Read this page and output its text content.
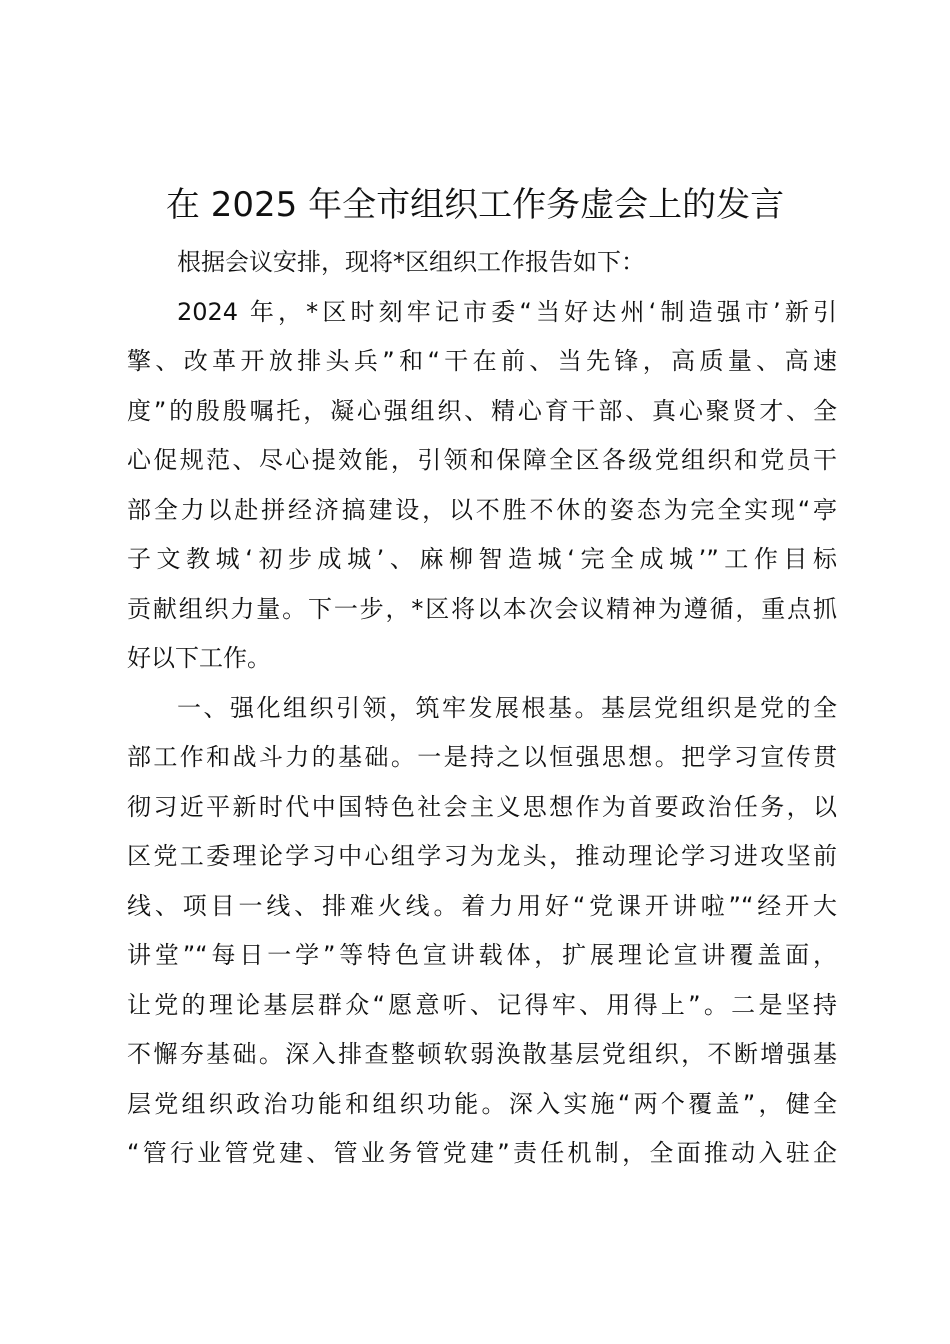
在 2025 年全市组织工作务虚会上的发言
根据会议安排，现将*区组织工作报告如下：
2024 年，*区时刻牢记市委“当好达州‘制造强市’新引
擎、改革开放排头兵”和“干在前、当先锋，高质量、高速
度”的殷殷嘱托，凝心强组织、精心育干部、真心聚贤才、全
心促规范、尽心提效能，引领和保障全区各级党组织和党员干
部全力以赴拼经济搞建设，以不胜不休的姿态为完全实现“亭
子文教城‘初步成城’、麻柳智造城‘完全成城’”工作目标
贡献组织力量。下一步，*区将以本次会议精神为遵循，重点抓
好以下工作。
一、强化组织引领，筑牢发展根基。基层党组织是党的全
部工作和战斗力的基础。一是持之以恒强思想。把学习宣传贯
彻习近平新时代中国特色社会主义思想作为首要政治任务，以
区党工委理论学习中心组学习为龙头，推动理论学习进攻坚前
线、项目一线、排难火线。着力用好“党课开讲啦”“经开大
讲堂”“每日一学”等特色宣讲载体，扩展理论宣讲覆盖面，
让党的理论基层群众“愿意听、记得牢、用得上”。二是坚持
不懈夯基础。深入排查整顿软弱涣散基层党组织，不断增强基
层党组织政治功能和组织功能。深入实施“两个覆盖”，健全
“管行业管党建、管业务管党建”责任机制，全面推动入驻企
